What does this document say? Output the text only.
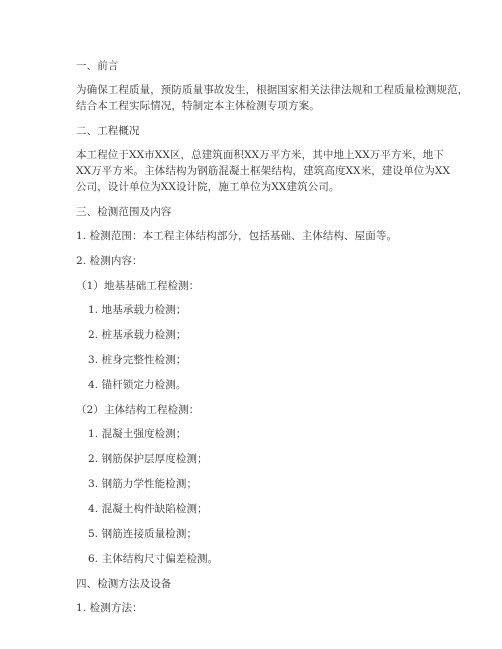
一、前言
为确保工程质量，预防质量事故发生，根据国家相关法律法规和工程质量检测规范，
结合本工程实际情况，特制定本主体检测专项方案。
二、工程概况
本工程位于XX市XX区，总建筑面积XX万平方米，其中地上XX万平方米，地下
XX万平方米。主体结构为钢筋混凝土框架结构，建筑高度XX米，建设单位为XX
公司，设计单位为XX设计院，施工单位为XX建筑公司。
三、检测范围及内容
1. 检测范围：本工程主体结构部分，包括基础、主体结构、屋面等。
2. 检测内容：
（1）地基基础工程检测：
1. 地基承载力检测；
2. 桩基承载力检测；
3. 桩身完整性检测；
4. 锚杆锁定力检测。
（2）主体结构工程检测：
1. 混凝土强度检测；
2. 钢筋保护层厚度检测；
3. 钢筋力学性能检测；
4. 混凝土构件缺陷检测；
5. 钢筋连接质量检测；
6. 主体结构尺寸偏差检测。
四、检测方法及设备
1. 检测方法：
